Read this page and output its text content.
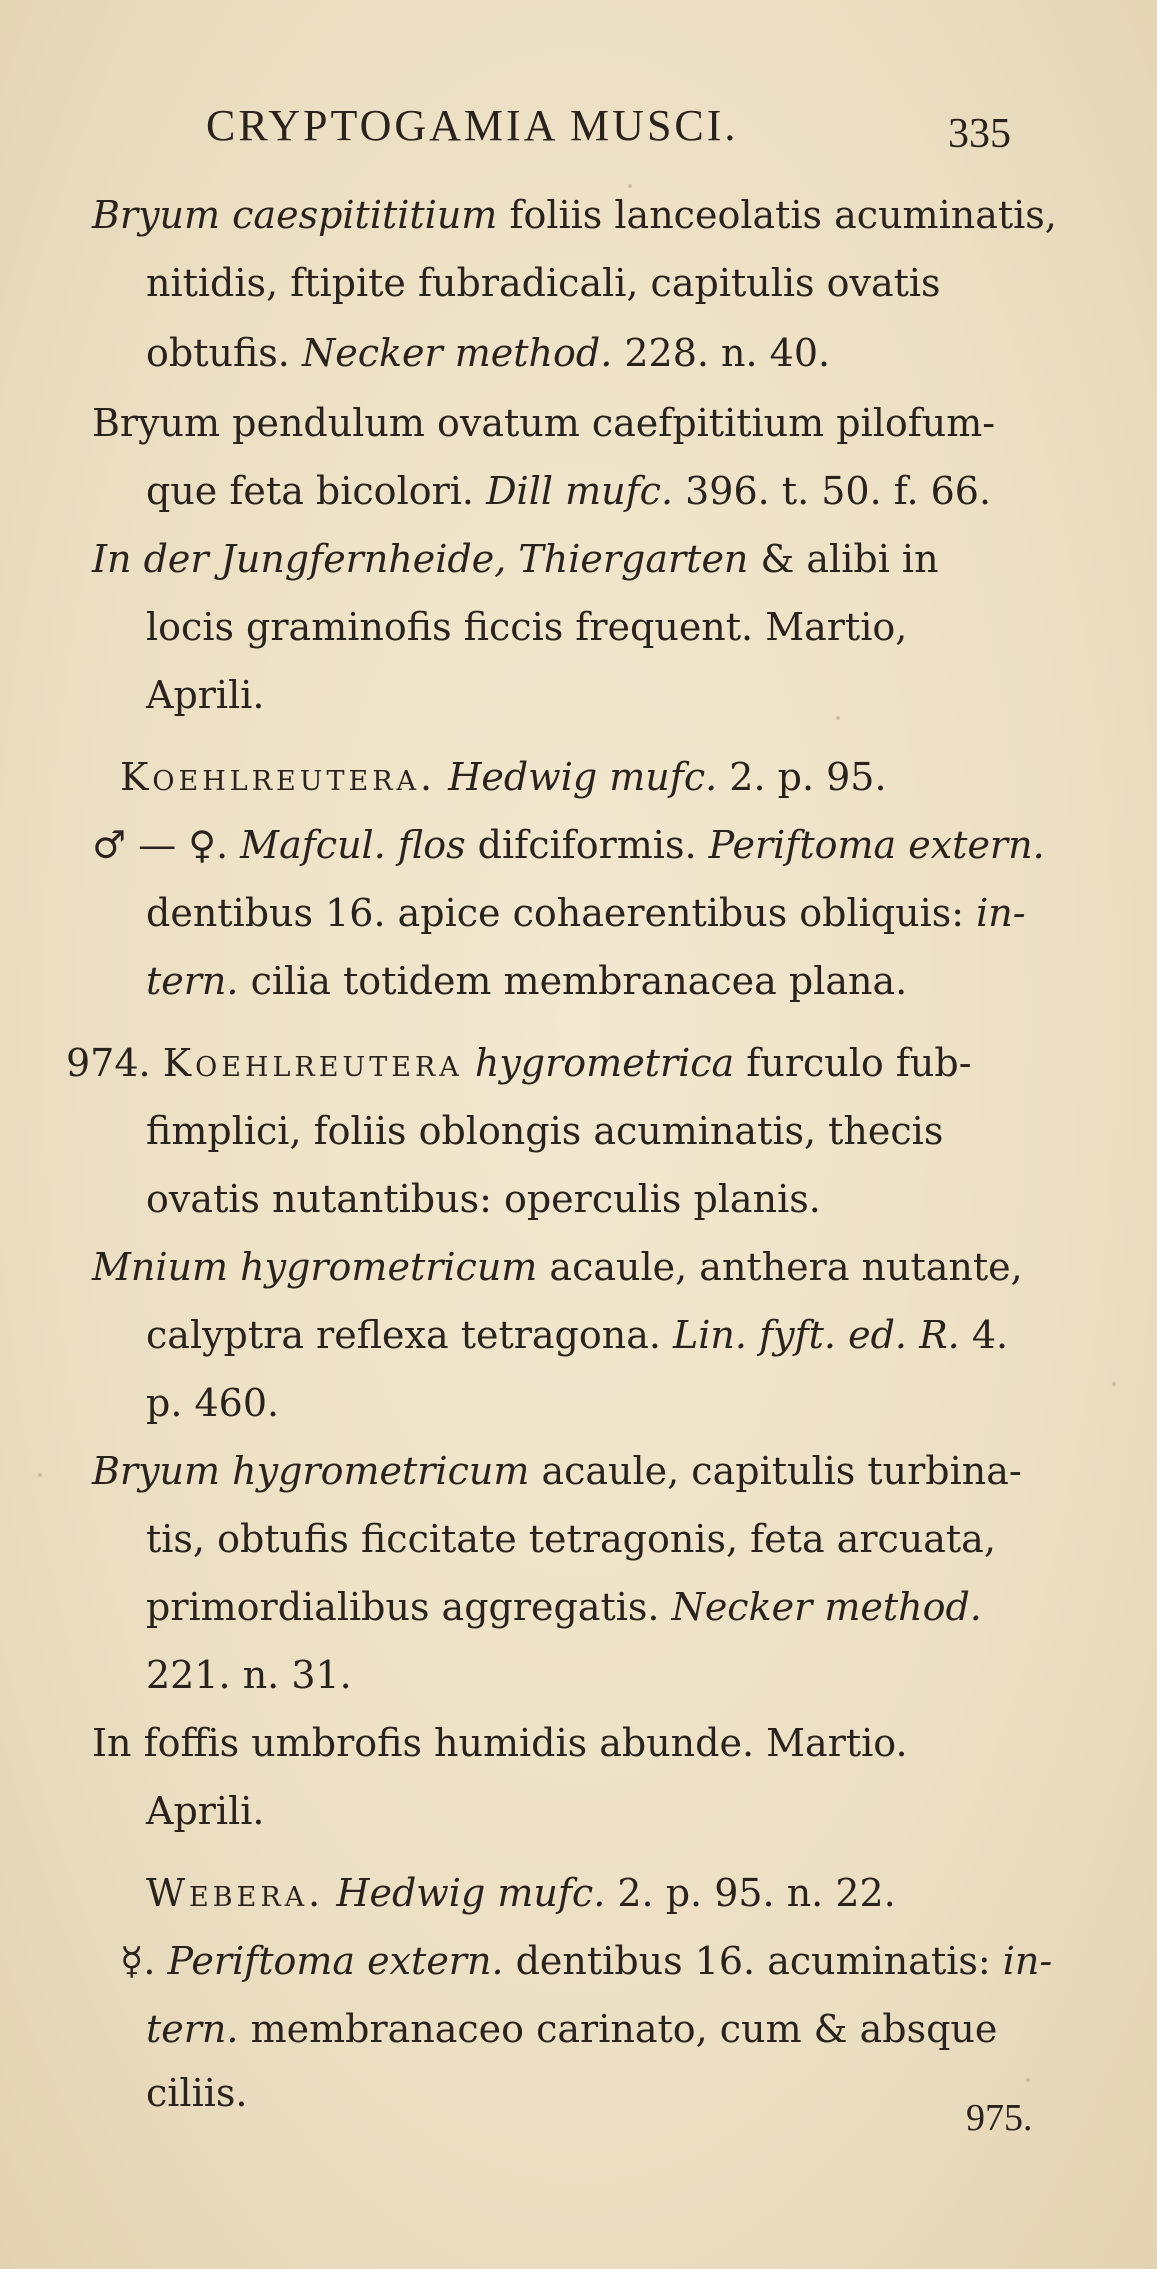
CRYPTOGAMIA MUSCI.	335
Bryum caespitititium foliis lanceolatis acuminatis,
nitidis, ftipite fubradicali, capitulis ovatis
obtufis. Necker method. 228. n. 40.
Bryum pendulum ovatum caefpititium pilofum-
que feta bicolori. Dill mufc. 396. t. 50. f. 66.
In der Jungfernheide, Thiergarten & alibi in
locis graminofis ficcis frequent. Martio,
Aprili.
Koehlreutera. Hedwig mufc. 2. p. 95.
♂ — ♀. Mafcul. flos difciformis. Periftoma extern.
dentibus 16. apice cohaerentibus obliquis: in-
tern. cilia totidem membranacea plana.
974. Koehlreutera hygrometrica furculo fub-
fimplici, foliis oblongis acuminatis, thecis
ovatis nutantibus: operculis planis.
Mnium hygrometricum acaule, anthera nutante,
calyptra reflexa tetragona. Lin. fyft. ed. R. 4.
p. 460.
Bryum hygrometricum acaule, capitulis turbina-
tis, obtufis ficcitate tetragonis, feta arcuata,
primordialibus aggregatis. Necker method.
221. n. 31.
In foffis umbrofis humidis abunde. Martio.
Aprili.
Webera. Hedwig mufc. 2. p. 95. n. 22.
☿. Periftoma extern. dentibus 16. acuminatis: in-
tern. membranaceo carinato, cum & absque
ciliis.
975.
